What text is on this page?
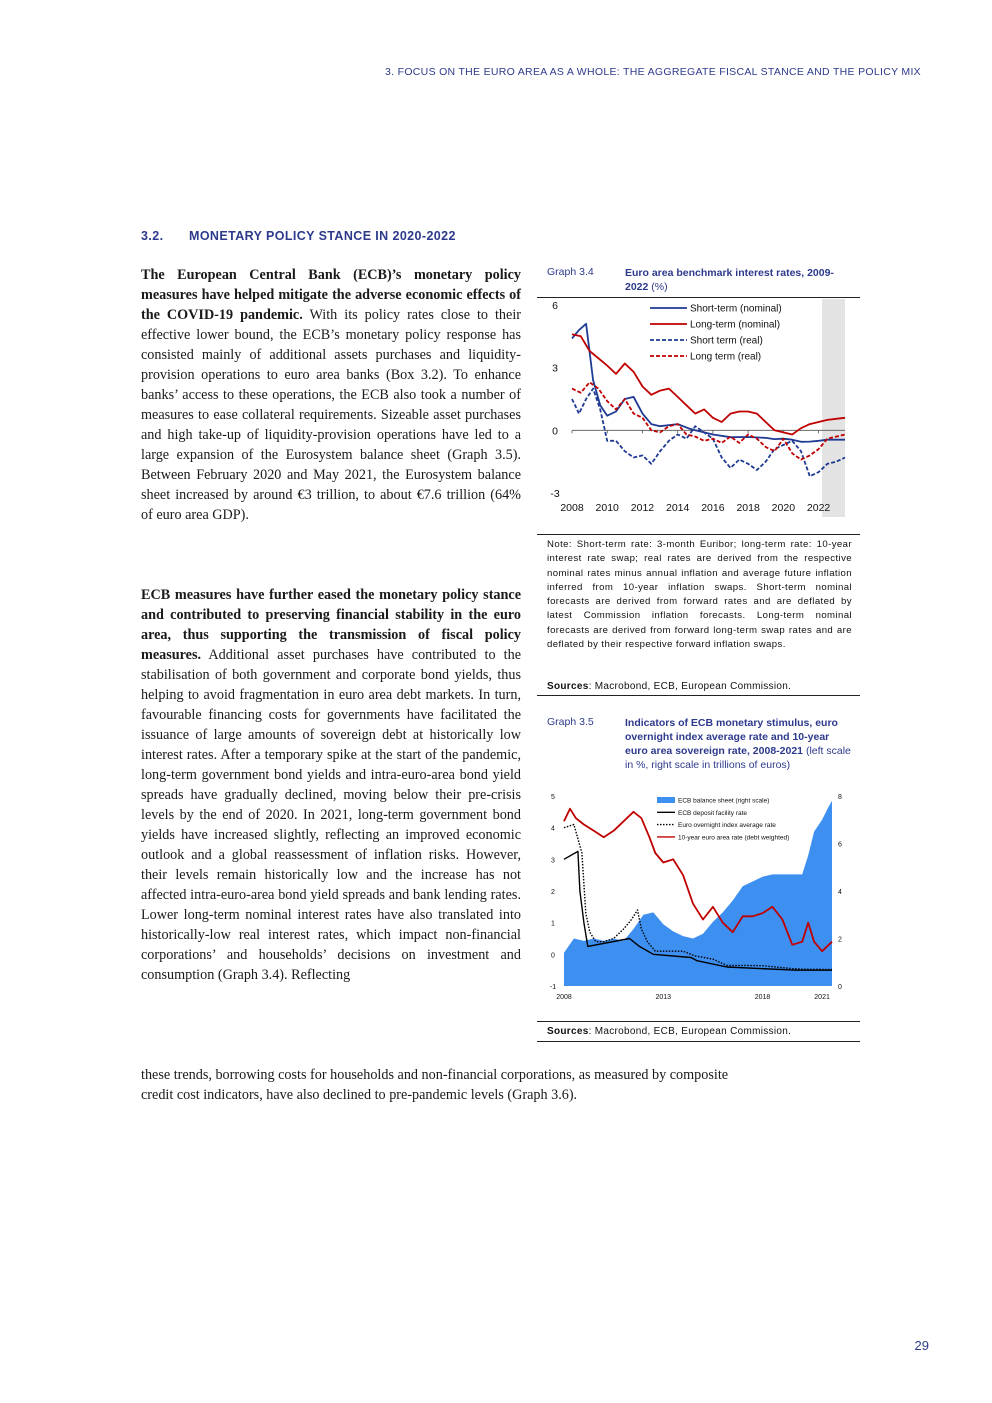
3. FOCUS ON THE EURO AREA AS A WHOLE: THE AGGREGATE FISCAL STANCE AND THE POLICY MIX
3.2. MONETARY POLICY STANCE IN 2020-2022
The European Central Bank (ECB)’s monetary policy measures have helped mitigate the adverse economic effects of the COVID-19 pandemic. With its policy rates close to their effective lower bound, the ECB’s monetary policy response has consisted mainly of additional assets purchases and liquidity-provision operations to euro area banks (Box 3.2). To enhance banks’ access to these operations, the ECB also took a number of measures to ease collateral requirements. Sizeable asset purchases and high take-up of liquidity-provision operations have led to a large expansion of the Eurosystem balance sheet (Graph 3.5). Between February 2020 and May 2021, the Eurosystem balance sheet increased by around €3 trillion, to about €7.6 trillion (64% of euro area GDP).
ECB measures have further eased the monetary policy stance and contributed to preserving financial stability in the euro area, thus supporting the transmission of fiscal policy measures. Additional asset purchases have contributed to the stabilisation of both government and corporate bond yields, thus helping to avoid fragmentation in euro area debt markets. In turn, favourable financing costs for governments have facilitated the issuance of large amounts of sovereign debt at historically low interest rates. After a temporary spike at the start of the pandemic, long-term government bond yields and intra-euro-area bond yield spreads have gradually declined, moving below their pre-crisis levels by the end of 2020. In 2021, long-term government bond yields have increased slightly, reflecting an improved economic outlook and a global reassessment of inflation risks. However, their levels remain historically low and the increase has not affected intra-euro-area bond yield spreads and bank lending rates. Lower long-term nominal interest rates have also translated into historically-low real interest rates, which impact non-financial corporations’ and households’ decisions on investment and consumption (Graph 3.4). Reflecting
these trends, borrowing costs for households and non-financial corporations, as measured by composite
credit cost indicators, have also declined to pre-pandemic levels (Graph 3.6).
Graph 3.4	Euro area benchmark interest rates, 2009-2022 (%)
2008 2010 2012 2014 2016 2018 2020 2022
6
3
0
-3
Short-term (nominal)
Long-term (nominal)
Short term (real)
Long term (real)
Note: Short-term rate: 3-month Euribor; long-term rate: 10-year interest rate swap; real rates are derived from the respective nominal rates minus annual inflation and average future inflation inferred from 10-year inflation swaps. Short-term nominal forecasts are derived from forward rates and are deflated by latest Commission inflation forecasts. Long-term nominal forecasts are derived from forward long-term swap rates and are deflated by their respective forward inflation swaps.
Sources: Macrobond, ECB, European Commission.
Graph 3.5	Indicators of ECB monetary stimulus, euro overnight index average rate and 10-year euro area sovereign rate, 2008-2021 (left scale in %, right scale in trillions of euros)
2008	2013	2018	2021
5
4
3
2
1
0
-1
8
6
4
2
0
ECB balance sheet (right scale)
ECB deposit facility rate
Euro overnight index average rate
10-year euro area rate (debt weighted)
Sources: Macrobond, ECB, European Commission.
29
